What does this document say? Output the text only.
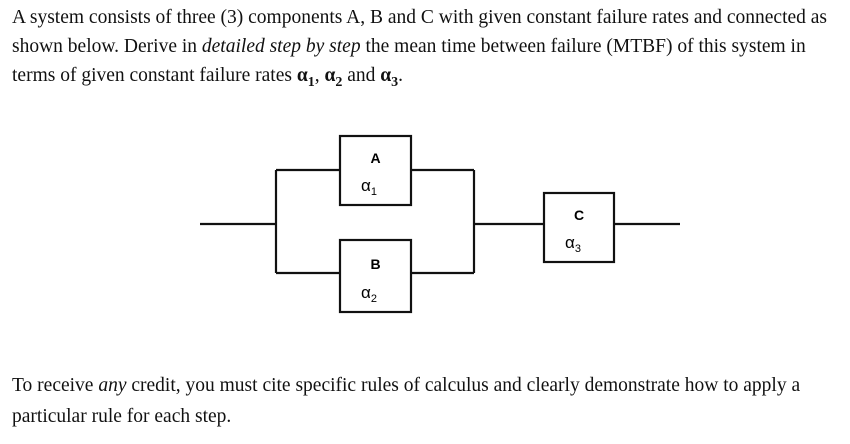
A system consists of three (3) components A, B and C with given constant failure rates and connected as shown below. Derive in detailed step by step the mean time between failure (MTBF) of this system in terms of given constant failure rates $\alpha_1$, $\alpha_2$ and $\alpha_3$.

A
$\alpha_1$
B
$\alpha_2$
C
$\alpha_3$

To receive any credit, you must cite specific rules of calculus and clearly demonstrate how to apply a particular rule for each step.
